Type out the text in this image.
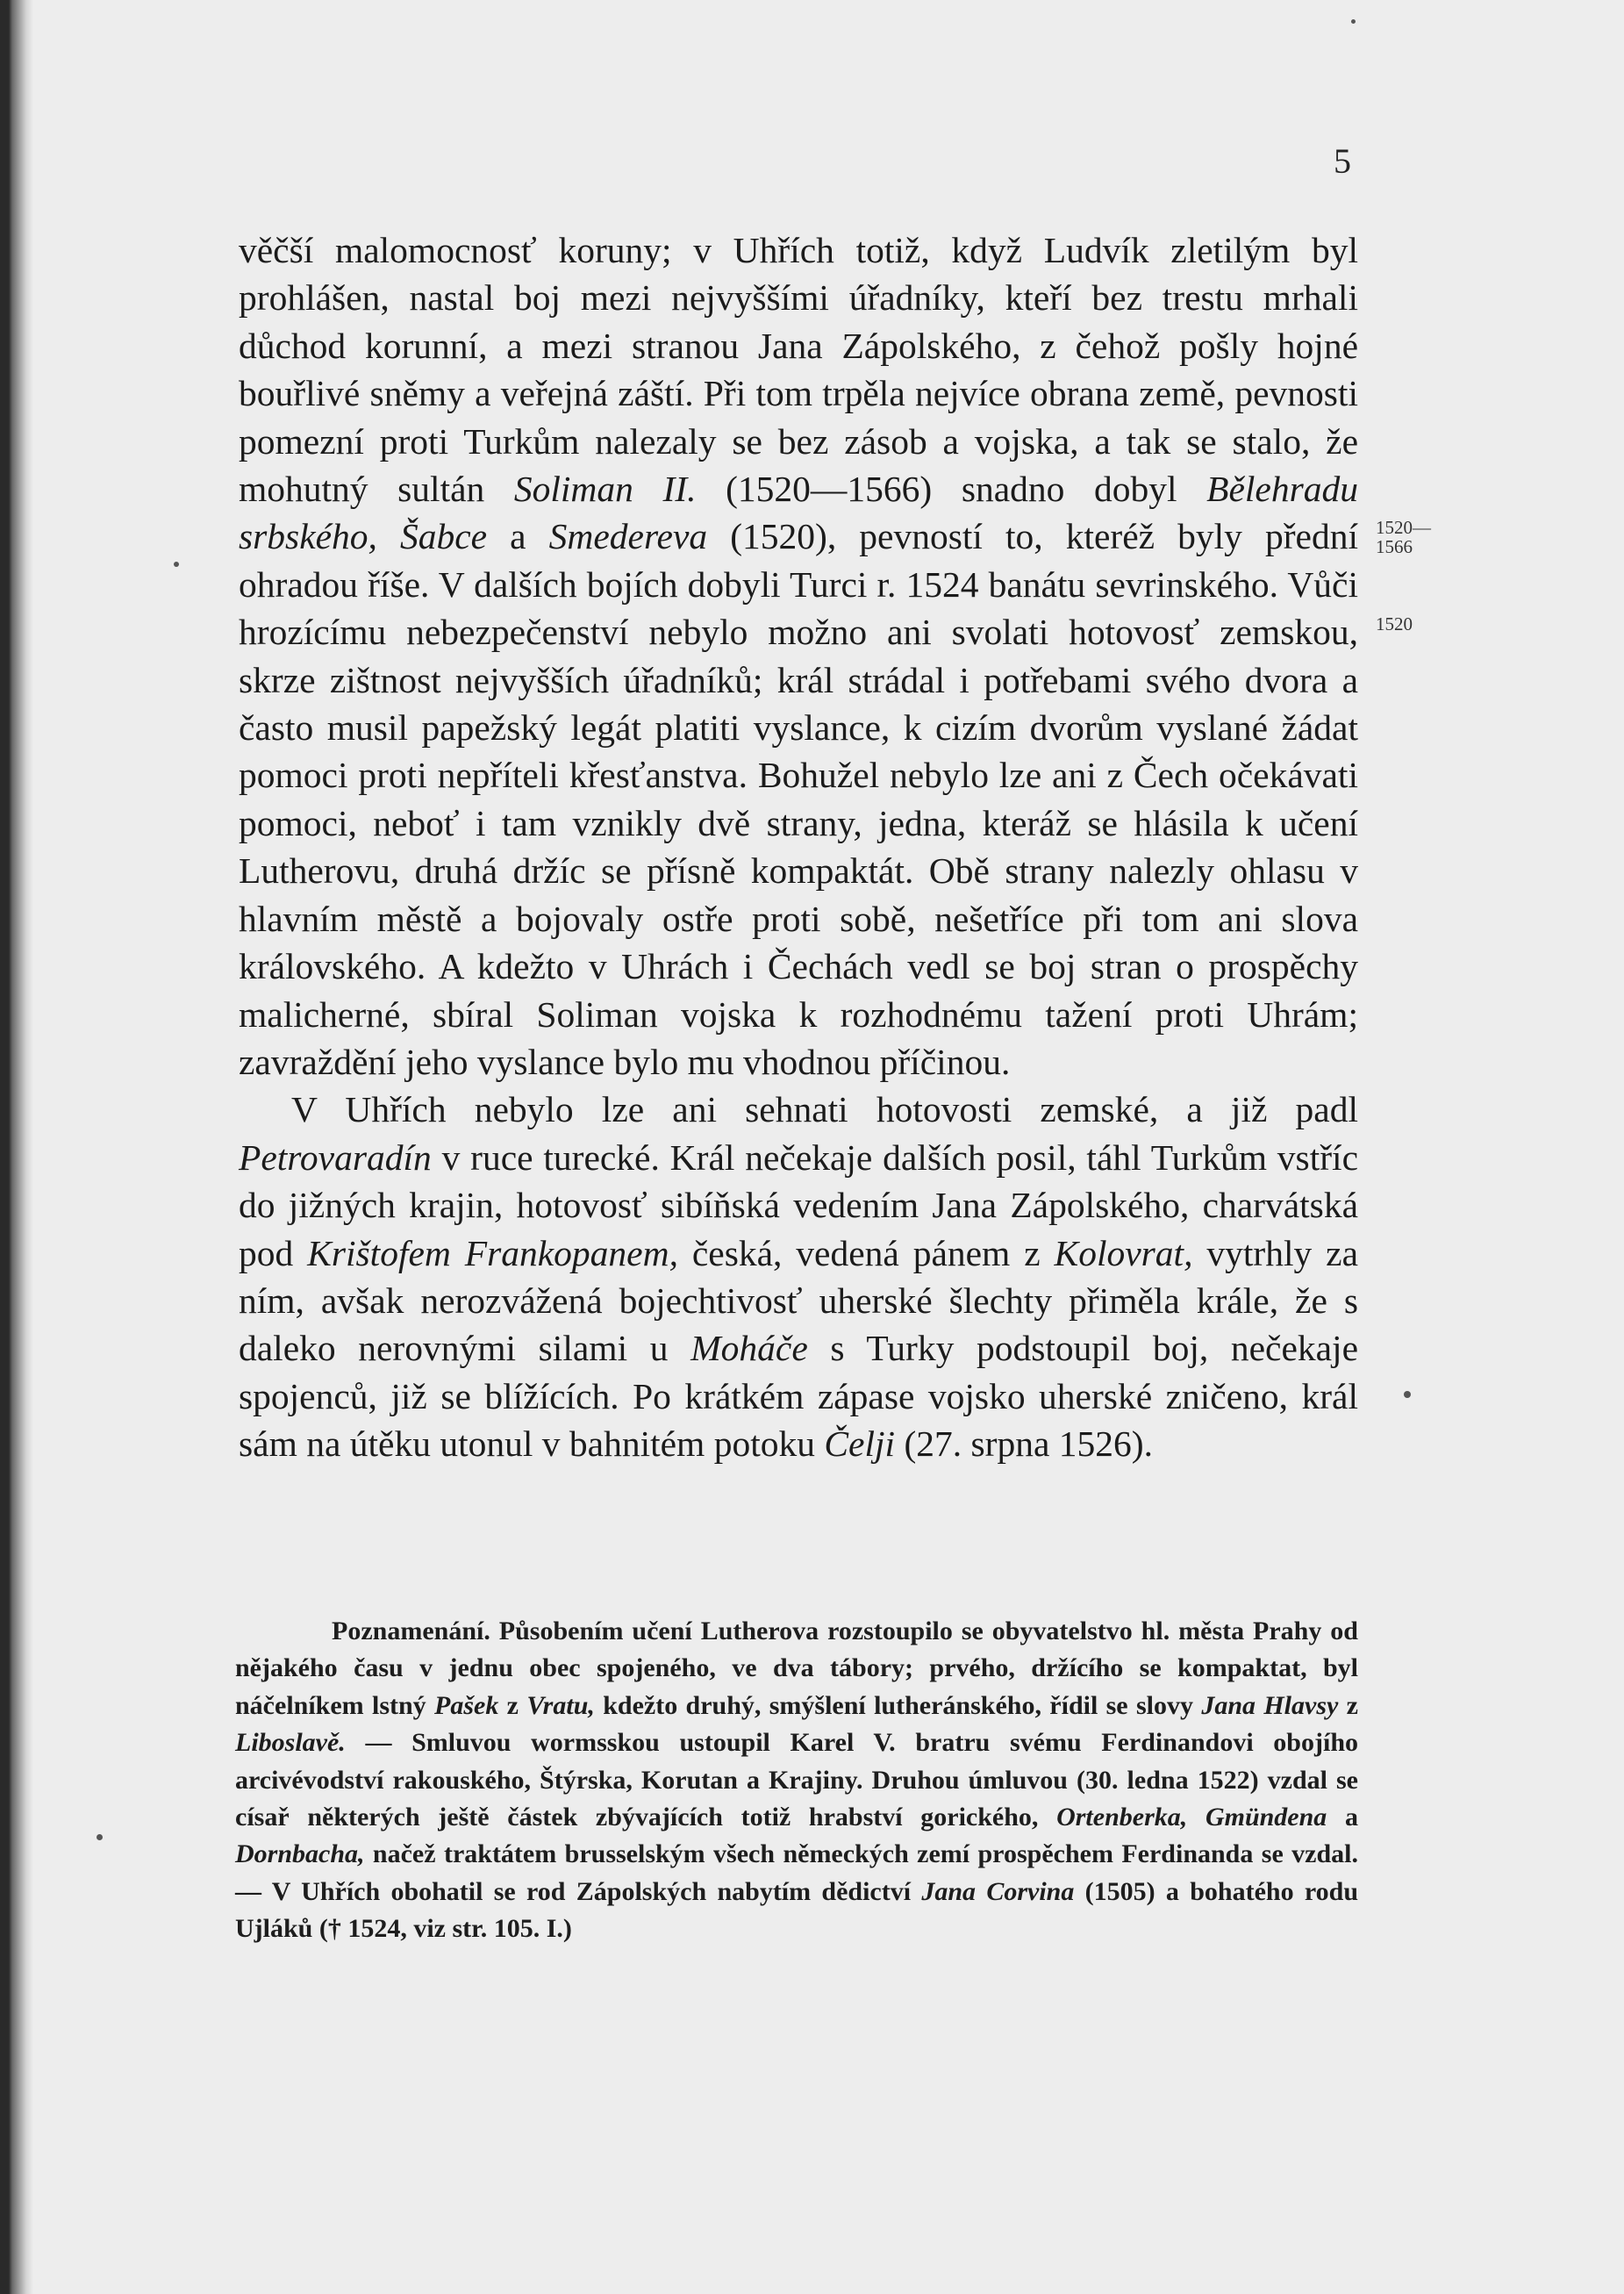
5
1520—
1566
1520

věčší malomocnosť koruny; v Uhřích totiž, když Ludvík zletilým byl prohlášen, nastal boj mezi nejvyššími úřadníky, kteří bez trestu mrhali důchod korunní, a mezi stranou Jana Zápolského, z čehož pošly hojné bouřlivé sněmy a veřejná záští. Při tom trpěla nejvíce obrana země, pevnosti pomezní proti Turkům nalezaly se bez zásob a vojska, a tak se stalo, že mohutný sultán Soliman II. (1520—1566) snadno dobyl Bělehradu srbského, Šabce a Smederevа (1520), pevností to, kteréž byly přední ohradou říše. V dalších bojích dobyli Turci r. 1524 banátu sevrinského. Vůči hrozícímu nebezpečenství nebylo možno ani svolati hotovosť zemskou, skrze zištnost nejvyšších úřadníků; král strádal i potřebami svého dvora a často musil papežský legát platiti vyslance, k cizím dvorům vyslané žádat pomoci proti nepříteli křesťanstva. Bohužel nebylo lze ani z Čech očekávati pomoci, neboť i tam vznikly dvě strany, jedna, kteráž se hlásila k učení Lutherovu, druhá držíc se přísně kompaktát. Obě strany nalezly ohlasu v hlavním městě a bojovaly ostře proti sobě, nešetříce při tom ani slova královského. A kdežto v Uhrách i Čechách vedl se boj stran o prospěchy malicherné, sbíral Soliman vojska k rozhodnému tažení proti Uhrám; zavraždění jeho vyslance bylo mu vhodnou příčinou.

V Uhřích nebylo lze ani sehnati hotovosti zemské, a již padl Petrovaradín v ruce turecké. Král nečekaje dalších posil, táhl Turkům vstříc do jižných krajin, hotovosť sibíňská vedením Jana Zápolského, charvátská pod Krištofem Frankopanem, česká, vedená pánem z Kolovrat, vytrhly za ním, avšak nerozvážená bojechtivosť uherské šlechty přiměla krále, že s daleko nerovnými silami u Moháče s Turky podstoupil boj, nečekaje spojenců, již se blížících. Po krátkém zápase vojsko uherské zničeno, král sám na útěku utonul v bahnitém potoku Čelji (27. srpna 1526).

Poznamenání. Působením učení Lutherova rozstoupilo se obyvatelstvo hl. města Prahy od nějakého času v jednu obec spojeného, ve dva tábory; prvého, držícího se kompaktat, byl náčelníkem lstný Pašek z Vratu, kdežto druhý, smýšlení lutheránského, řídil se slovy Jana Hlavsy z Liboslavě. — Smluvou wormsskou ustoupil Karel V. bratru svému Ferdinandovi obojího arcivévodství rakouského, Štýrska, Korutan a Krajiny. Druhou úmluvou (30. ledna 1522) vzdal se císař některých ještě částek zbývajících totiž hrabství gorického, Ortenberka, Gmündena a Dornbacha, načež traktátem brusselským všech německých zemí prospěchem Ferdinanda se vzdal. — V Uhřích obohatil se rod Zápolských nabytím dědictví Jana Corvina (1505) a bohatého rodu Ujláků († 1524, viz str. 105. I.)
